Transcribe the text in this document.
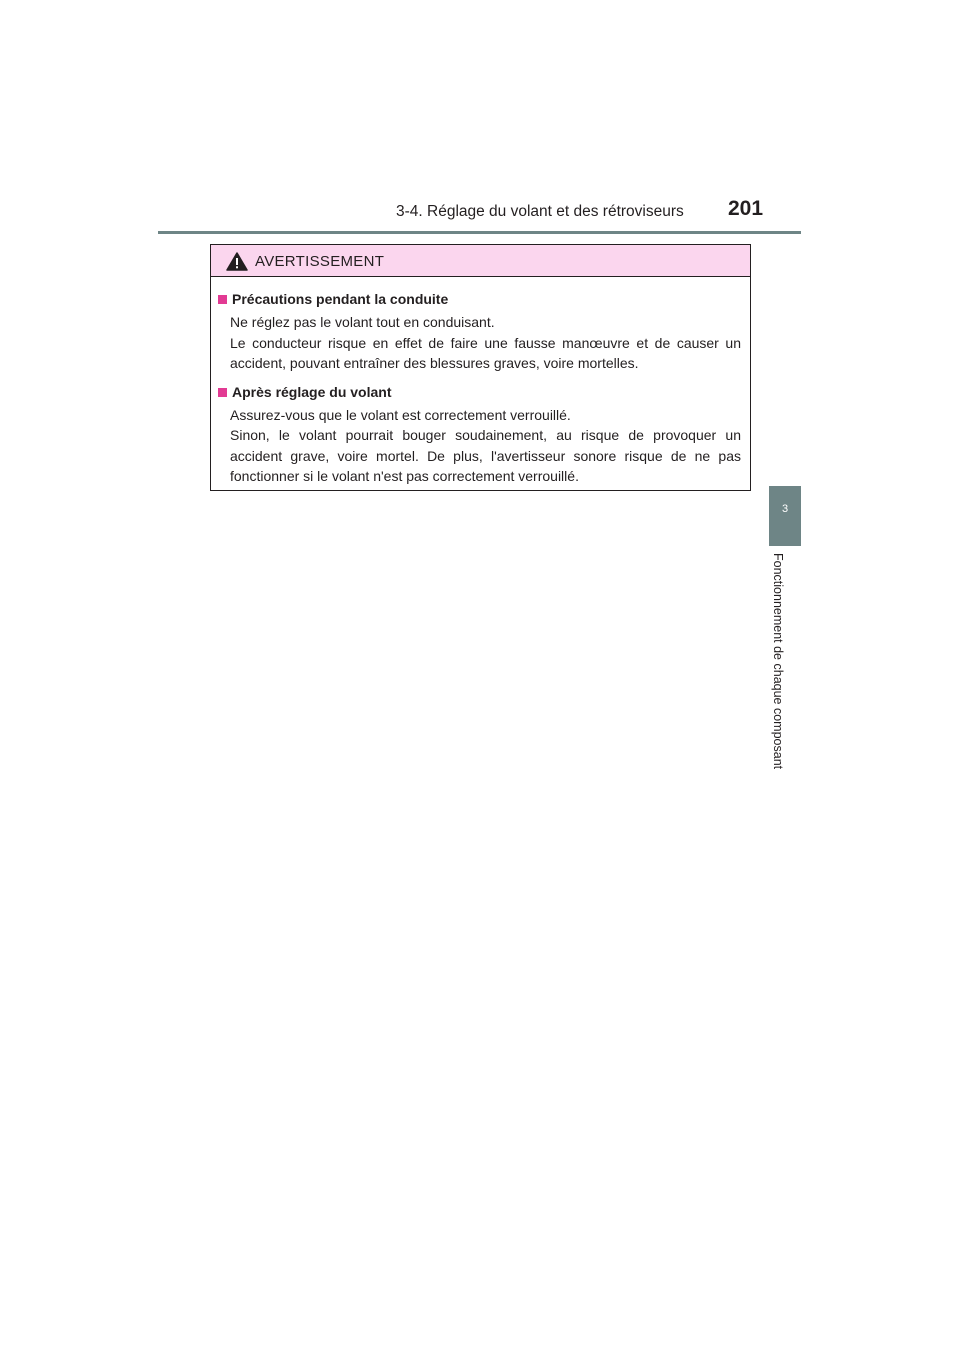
3-4. Réglage du volant et des rétroviseurs 201
3
Fonctionnement de chaque composant
AVERTISSEMENT
Précautions pendant la conduite

Ne réglez pas le volant tout en conduisant.

Le conducteur risque en effet de faire une fausse manœuvre et de causer un accident, pouvant entraîner des blessures graves, voire mortelles.

Après réglage du volant

Assurez-vous que le volant est correctement verrouillé.

Sinon, le volant pourrait bouger soudainement, au risque de provoquer un accident grave, voire mortel. De plus, l'avertisseur sonore risque de ne pas fonctionner si le volant n'est pas correctement verrouillé.
